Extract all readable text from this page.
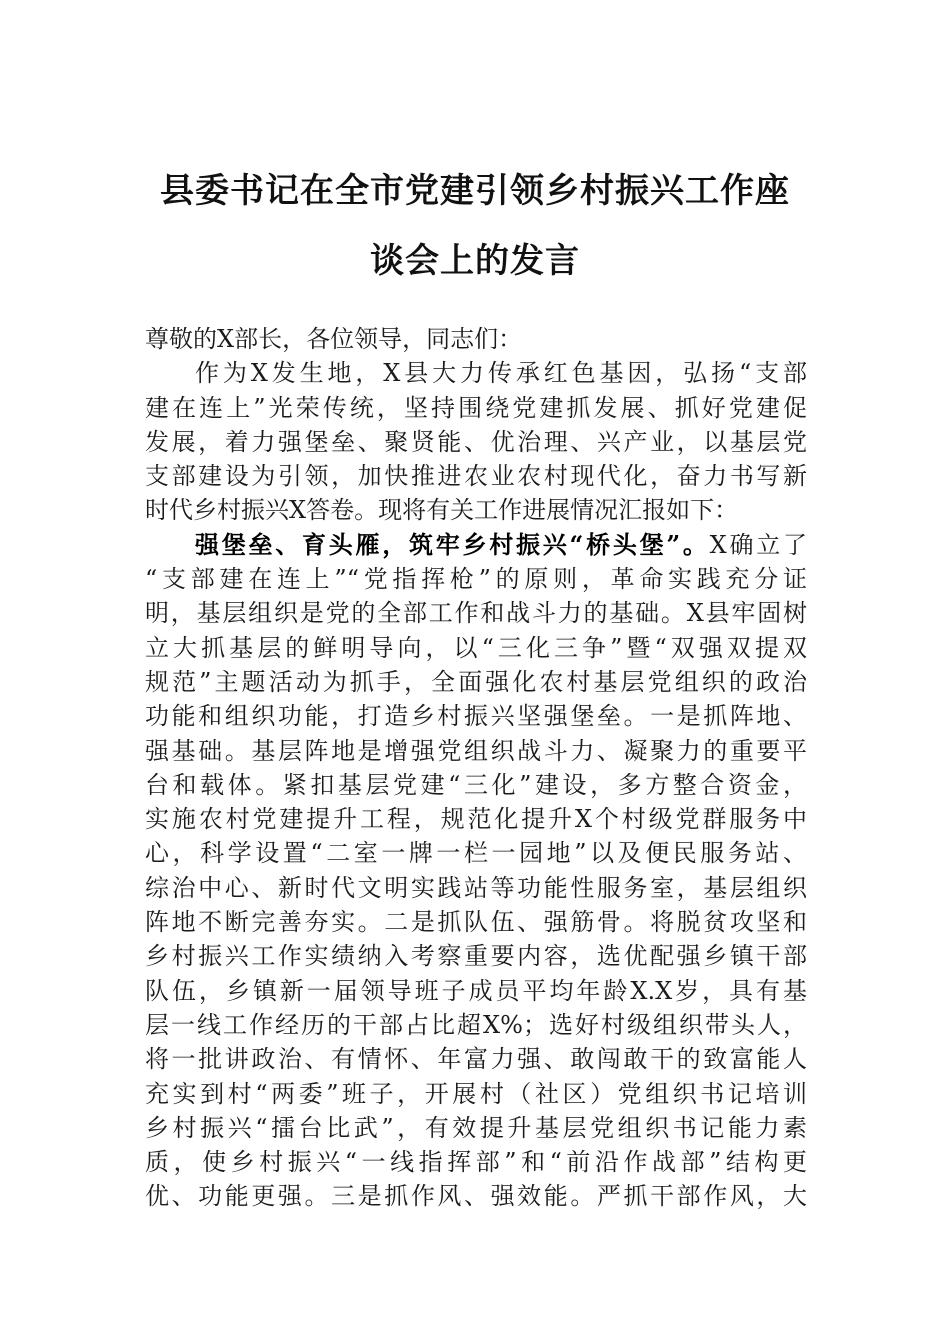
县委书记在全市党建引领乡村振兴工作座
谈会上的发言
尊敬的X部长，各位领导，同志们：
作为X发生地，X县大力传承红色基因，弘扬“支部
建在连上”光荣传统，坚持围绕党建抓发展、抓好党建促
发展，着力强堡垒、聚贤能、优治理、兴产业，以基层党
支部建设为引领，加快推进农业农村现代化，奋力书写新
时代乡村振兴X答卷。现将有关工作进展情况汇报如下：
强堡垒、育头雁，筑牢乡村振兴“桥头堡”。X确立了
“支部建在连上”“党指挥枪”的原则，革命实践充分证
明，基层组织是党的全部工作和战斗力的基础。X县牢固树
立大抓基层的鲜明导向，以“三化三争”暨“双强双提双
规范”主题活动为抓手，全面强化农村基层党组织的政治
功能和组织功能，打造乡村振兴坚强堡垒。一是抓阵地、
强基础。基层阵地是增强党组织战斗力、凝聚力的重要平
台和载体。紧扣基层党建“三化”建设，多方整合资金，
实施农村党建提升工程，规范化提升X个村级党群服务中
心，科学设置“二室一牌一栏一园地”以及便民服务站、
综治中心、新时代文明实践站等功能性服务室，基层组织
阵地不断完善夯实。二是抓队伍、强筋骨。将脱贫攻坚和
乡村振兴工作实绩纳入考察重要内容，选优配强乡镇干部
队伍，乡镇新一届领导班子成员平均年龄X.X岁，具有基
层一线工作经历的干部占比超X%；选好村级组织带头人，
将一批讲政治、有情怀、年富力强、敢闯敢干的致富能人
充实到村“两委”班子，开展村（社区）党组织书记培训
乡村振兴“擂台比武”，有效提升基层党组织书记能力素
质，使乡村振兴“一线指挥部”和“前沿作战部”结构更
优、功能更强。三是抓作风、强效能。严抓干部作风，大
